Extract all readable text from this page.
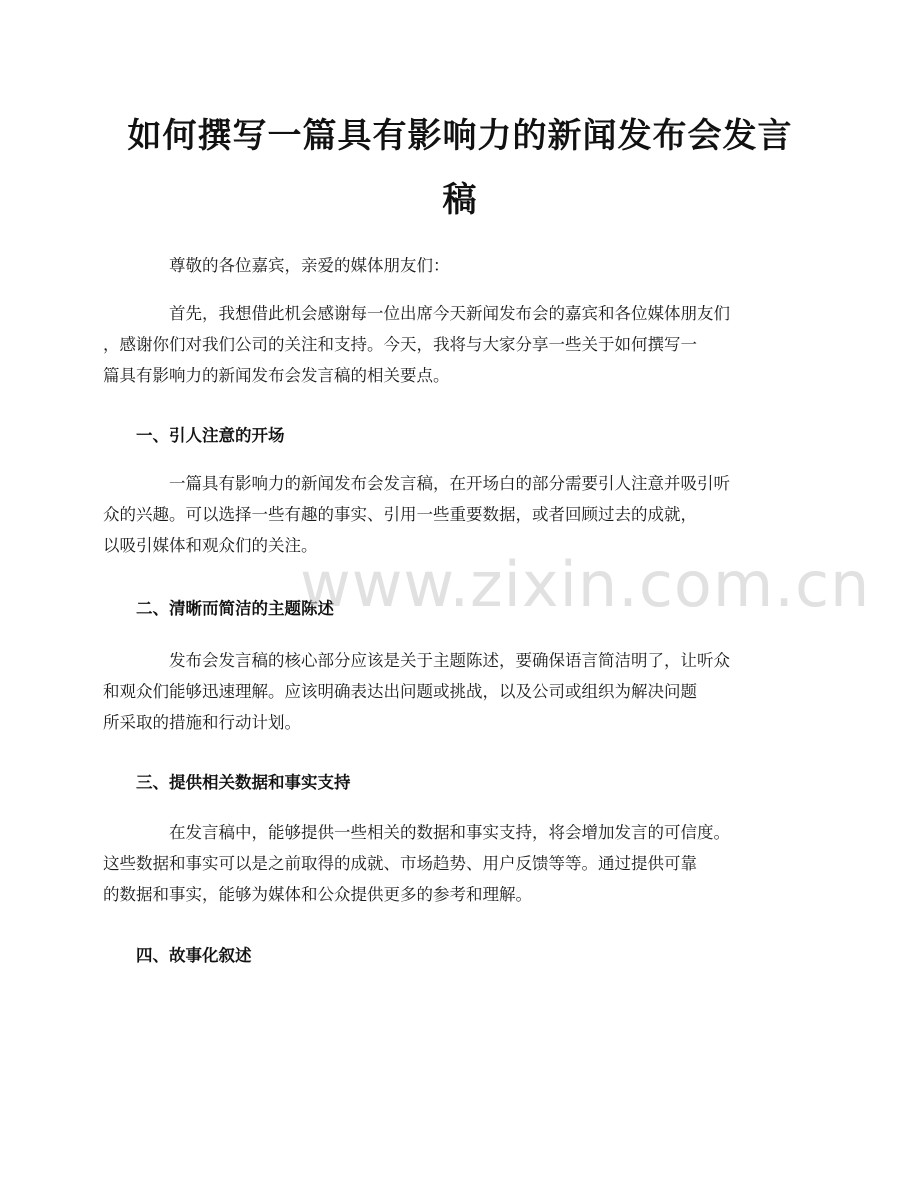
如何撰写一篇具有影响力的新闻发布会发言
稿
尊敬的各位嘉宾，亲爱的媒体朋友们：
首先，我想借此机会感谢每一位出席今天新闻发布会的嘉宾和各位媒体朋友们
，感谢你们对我们公司的关注和支持。今天，我将与大家分享一些关于如何撰写一
篇具有影响力的新闻发布会发言稿的相关要点。
一、引人注意的开场
一篇具有影响力的新闻发布会发言稿，在开场白的部分需要引人注意并吸引听
众的兴趣。可以选择一些有趣的事实、引用一些重要数据，或者回顾过去的成就，
以吸引媒体和观众们的关注。
二、清晰而简洁的主题陈述
发布会发言稿的核心部分应该是关于主题陈述，要确保语言简洁明了，让听众
和观众们能够迅速理解。应该明确表达出问题或挑战，以及公司或组织为解决问题
所采取的措施和行动计划。
三、提供相关数据和事实支持
在发言稿中，能够提供一些相关的数据和事实支持，将会增加发言的可信度。
这些数据和事实可以是之前取得的成就、市场趋势、用户反馈等等。通过提供可靠
的数据和事实，能够为媒体和公众提供更多的参考和理解。
四、故事化叙述
www.zixin.com.cn
